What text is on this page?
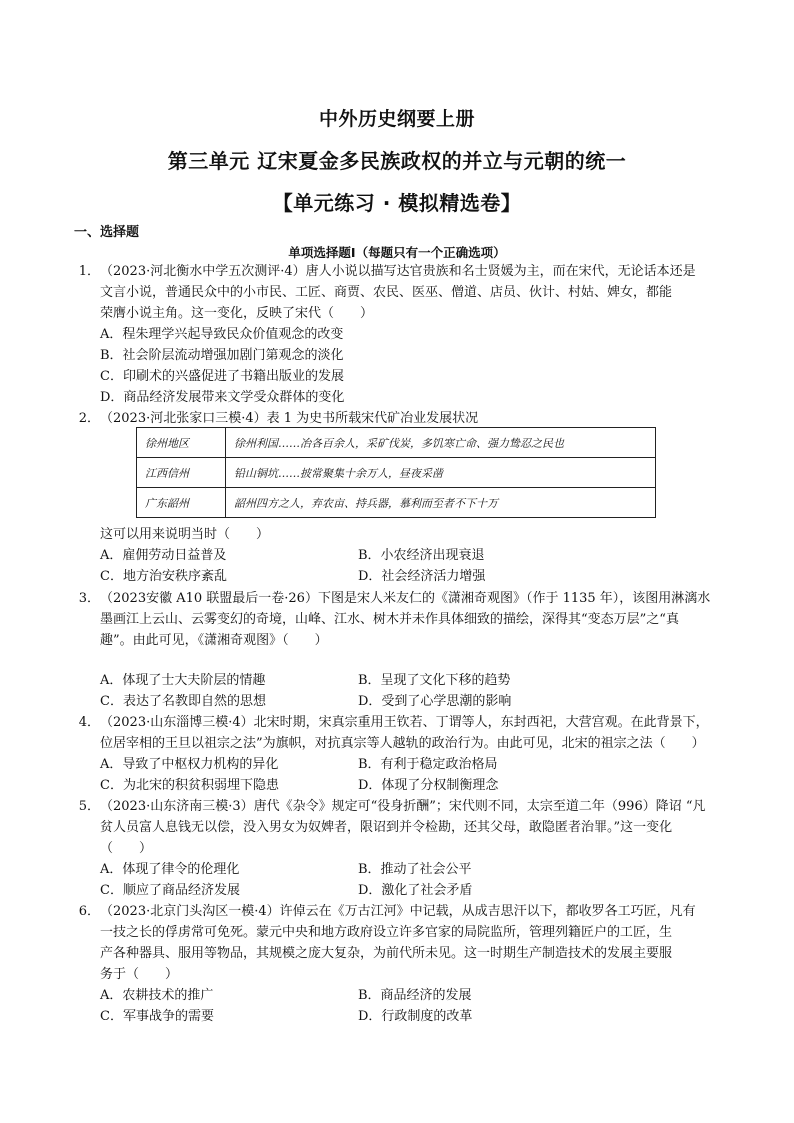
中外历史纲要上册
第三单元 辽宋夏金多民族政权的并立与元朝的统一
【单元练习 · 模拟精选卷】
一、选择题
单项选择题Ⅰ（每题只有一个正确选项）
1．（2023·河北衡水中学五次测评·4）唐人小说以描写达官贵族和名士贤媛为主，而在宋代，无论话本还是
文言小说，普通民众中的小市民、工匠、商贾、农民、医巫、僧道、店员、伙计、村姑、婢女，都能
荣膺小说主角。这一变化，反映了宋代（　　）
A．程朱理学兴起导致民众价值观念的改变
B．社会阶层流动增强加剧门第观念的淡化
C．印刷术的兴盛促进了书籍出版业的发展
D．商品经济发展带来文学受众群体的变化
2．（2023·河北张家口三模·4）表 1 为史书所载宋代矿冶业发展状况
徐州地区	徐州利国……冶各百余人，采矿伐炭，多饥寒亡命、强力鸷忍之民也
江西信州	铅山铜坑……披常聚集十余万人，昼夜采凿
广东韶州	韶州四方之人，弃农亩、持兵器，慕利而至者不下十万
这可以用来说明当时（　　）
A．雇佣劳动日益普及	B．小农经济出现衰退
C．地方治安秩序紊乱	D．社会经济活力增强
3．（2023安徽 A10 联盟最后一卷·26）下图是宋人米友仁的《潇湘奇观图》（作于 1135 年），该图用淋漓水
墨画江上云山、云雾变幻的奇境，山峰、江水、树木并未作具体细致的描绘，深得其“变态万层”之“真
趣”。由此可见，《潇湘奇观图》（　　）
A．体现了士大夫阶层的情趣	B．呈现了文化下移的趋势
C．表达了名教即自然的思想	D．受到了心学思潮的影响
4．（2023·山东淄博三模·4）北宋时期，宋真宗重用王钦若、丁谓等人，东封西祀，大营宫观。在此背景下，
位居宰相的王旦以祖宗之法”为旗帜，对抗真宗等人越轨的政治行为。由此可见，北宋的祖宗之法（　　）
A．导致了中枢权力机构的异化	B．有利于稳定政治格局
C．为北宋的积贫积弱埋下隐患	D．体现了分权制衡理念
5．（2023·山东济南三模·3）唐代《杂令》规定可“役身折酬”；宋代则不同，太宗至道二年（996）降诏 “凡
贫人员富人息钱无以偿，没入男女为奴婢者，限诏到并令检勘，还其父母，敢隐匿者治罪。”这一变化
（　　）
A．体现了律令的伦理化	B．推动了社会公平
C．顺应了商品经济发展	D．激化了社会矛盾
6．（2023·北京门头沟区一模·4）许倬云在《万古江河》中记载，从成吉思汗以下，都收罗各工巧匠，凡有
一技之长的俘虏常可免死。蒙元中央和地方政府设立许多官家的局院监所，管理列籍匠户的工匠，生
产各种器具、服用等物品，其规模之庞大复杂，为前代所未见。这一时期生产制造技术的发展主要服
务于（　　）
A．农耕技术的推广	B．商品经济的发展
C．军事战争的需要	D．行政制度的改革
